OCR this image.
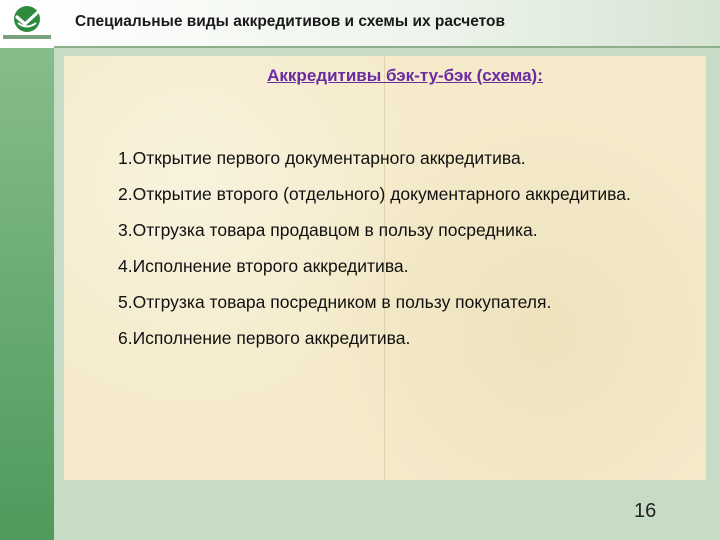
Специальные виды аккредитивов и схемы их расчетов
Аккредитивы бэк-ту-бэк (схема):
1.Открытие первого документарного аккредитива.
2.Открытие второго (отдельного) документарного аккредитива.
3.Отгрузка товара продавцом в пользу посредника.
4.Исполнение второго аккредитива.
5.Отгрузка товара посредником в пользу покупателя.
6.Исполнение первого аккредитива.
16
